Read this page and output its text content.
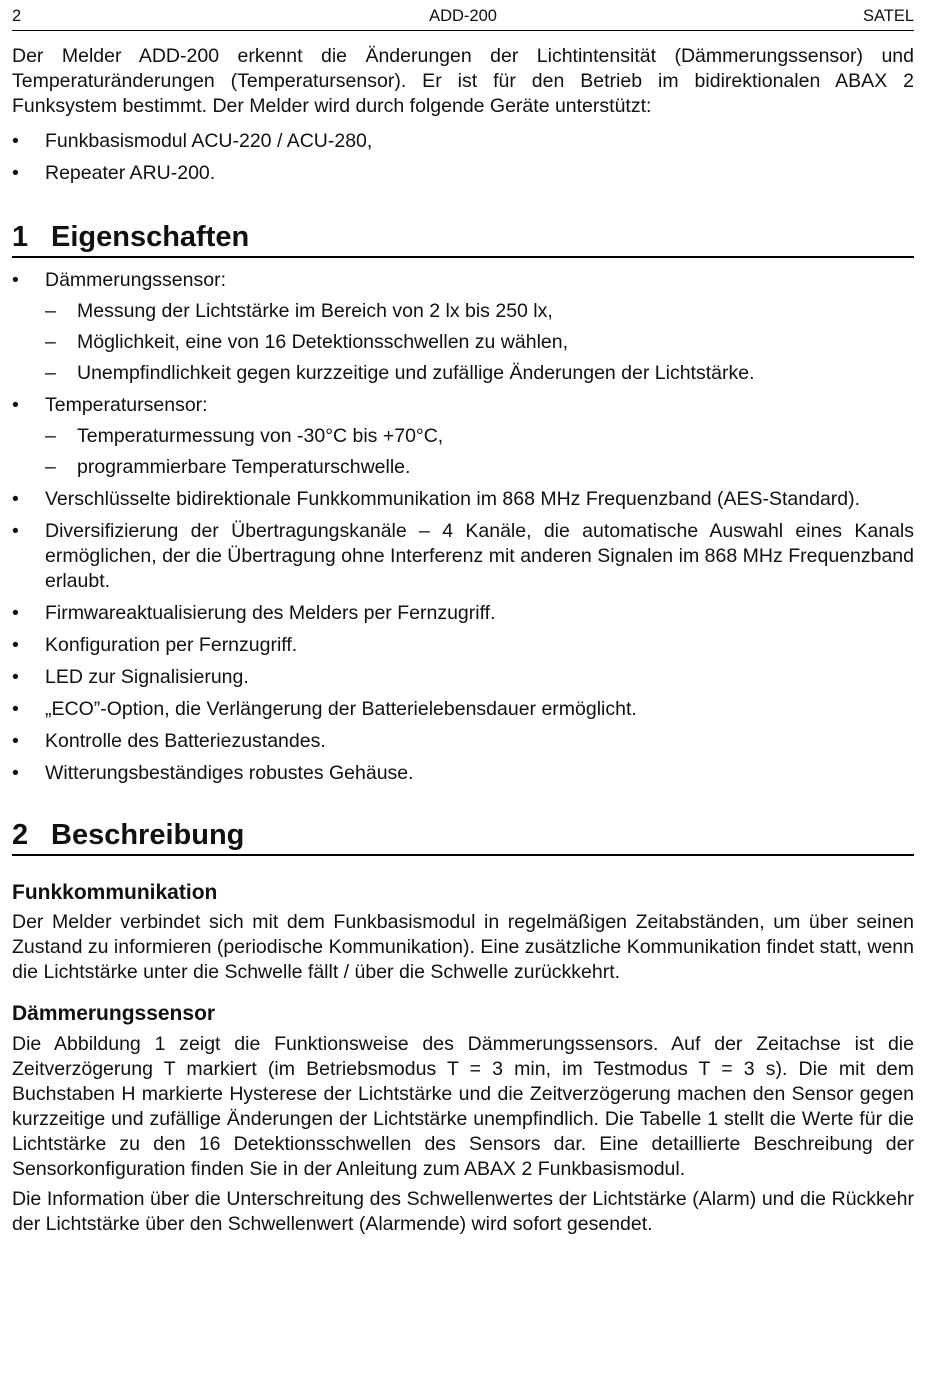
2	ADD-200	SATEL

Der Melder ADD-200 erkennt die Änderungen der Lichtintensität (Dämmerungssensor) und Temperaturänderungen (Temperatursensor). Er ist für den Betrieb im bidirektionalen ABAX 2 Funksystem bestimmt. Der Melder wird durch folgende Geräte unterstützt:

• Funkbasismodul ACU-220 / ACU-280,
• Repeater ARU-200.
1 Eigenschaften
• Dämmerungssensor:
– Messung der Lichtstärke im Bereich von 2 lx bis 250 lx,
– Möglichkeit, eine von 16 Detektionsschwellen zu wählen,
– Unempfindlichkeit gegen kurzzeitige und zufällige Änderungen der Lichtstärke.
• Temperatursensor:
– Temperaturmessung von -30°C bis +70°C,
– programmierbare Temperaturschwelle.
• Verschlüsselte bidirektionale Funkkommunikation im 868 MHz Frequenzband (AES-Standard).
• Diversifizierung der Übertragungskanäle – 4 Kanäle, die automatische Auswahl eines Kanals ermöglichen, der die Übertragung ohne Interferenz mit anderen Signalen im 868 MHz Frequenzband erlaubt.
• Firmwareaktualisierung des Melders per Fernzugriff.
• Konfiguration per Fernzugriff.
• LED zur Signalisierung.
• „ECO”-Option, die Verlängerung der Batterielebensdauer ermöglicht.
• Kontrolle des Batteriezustandes.
• Witterungsbeständiges robustes Gehäuse.
2 Beschreibung
Funkkommunikation

Der Melder verbindet sich mit dem Funkbasismodul in regelmäßigen Zeitabständen, um über seinen Zustand zu informieren (periodische Kommunikation). Eine zusätzliche Kommunikation findet statt, wenn die Lichtstärke unter die Schwelle fällt / über die Schwelle zurückkehrt.

Dämmerungssensor

Die Abbildung 1 zeigt die Funktionsweise des Dämmerungssensors. Auf der Zeitachse ist die Zeitverzögerung T markiert (im Betriebsmodus T = 3 min, im Testmodus T = 3 s). Die mit dem Buchstaben H markierte Hysterese der Lichtstärke und die Zeitverzögerung machen den Sensor gegen kurzzeitige und zufällige Änderungen der Lichtstärke unempfindlich. Die Tabelle 1 stellt die Werte für die Lichtstärke zu den 16 Detektionsschwellen des Sensors dar. Eine detaillierte Beschreibung der Sensorkonfiguration finden Sie in der Anleitung zum ABAX 2 Funkbasismodul.

Die Information über die Unterschreitung des Schwellenwertes der Lichtstärke (Alarm) und die Rückkehr der Lichtstärke über den Schwellenwert (Alarmende) wird sofort gesendet.
